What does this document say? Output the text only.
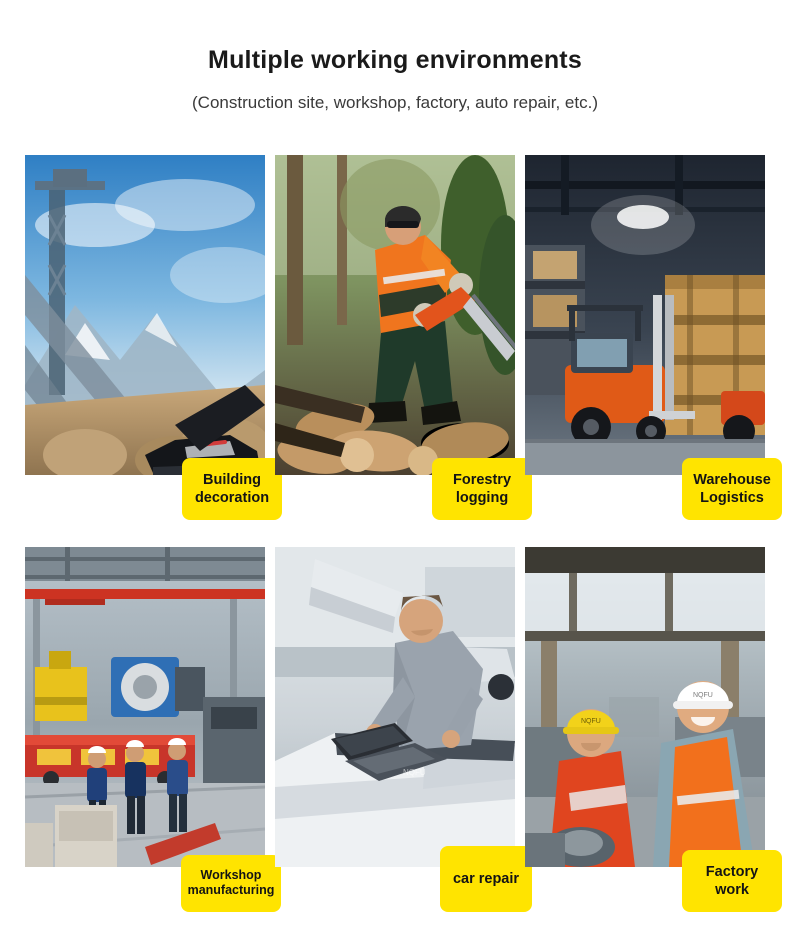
Multiple working environments

(Construction site, workshop, factory, auto repair, etc.)

Building decoration
Forestry logging
Warehouse Logistics
Workshop manufacturing
NQFU
car repair
NQFU
NQFU
Factory work
